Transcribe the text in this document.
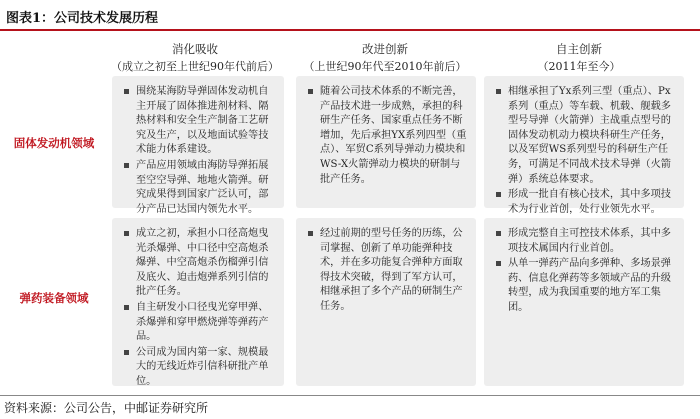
图表1：公司技术发展历程
消化吸收
（成立之初至上世纪90年代前后）
改进创新
（上世纪90年代至2010年前后）
自主创新
（2011年至今）
固体发动机领域
弹药装备领域
围绕某海防导弹固体发动机自主开展了固体推进剂材料、隔热材料和安全生产制备工艺研究及生产，以及地面试验等技术能力体系建设。
产品应用领域由海防导弹拓展至空空导弹、地地火箭弹。研究成果得到国家广泛认可，部分产品已达国内领先水平。
随着公司技术体系的不断完善，产品技术进一步成熟，承担的科研生产任务、国家重点任务不断增加，先后承担YX系列四型（重点）、军贸C系列导弹动力模块和WS-X火箭弹动力模块的研制与批产任务。
相继承担了Yx系列三型（重点）、Px系列（重点）等车载、机载、舰载多型号导弹（火箭弹）主战重点型号的固体发动机动力模块科研生产任务，以及军贸WS系列型号的科研生产任务，可满足不同战术技术导弹（火箭弹）系统总体要求。
形成一批自有核心技术，其中多项技术为行业首创，处行业领先水平。
成立之初，承担小口径高炮曳光杀爆弹、中口径中空高炮杀爆弹、中空高炮杀伤榴弹引信及底火、迫击炮弹系列引信的批产任务。
自主研发小口径曳光穿甲弹、杀爆弹和穿甲燃烧弹等弹药产品。
公司成为国内第一家、规模最大的无线近炸引信科研批产单位。
经过前期的型号任务的历练，公司掌握、创新了单功能弹种技术，并在多功能复合弹种方面取得技术突破，得到了军方认可，相继承担了多个产品的研制生产任务。
形成完整自主可控技术体系，其中多项技术属国内行业首创。
从单一弹药产品向多弹种、多场景弹药、信息化弹药等多领域产品的升级转型，成为我国重要的地方军工集团。
资料来源：公司公告，中邮证券研究所
